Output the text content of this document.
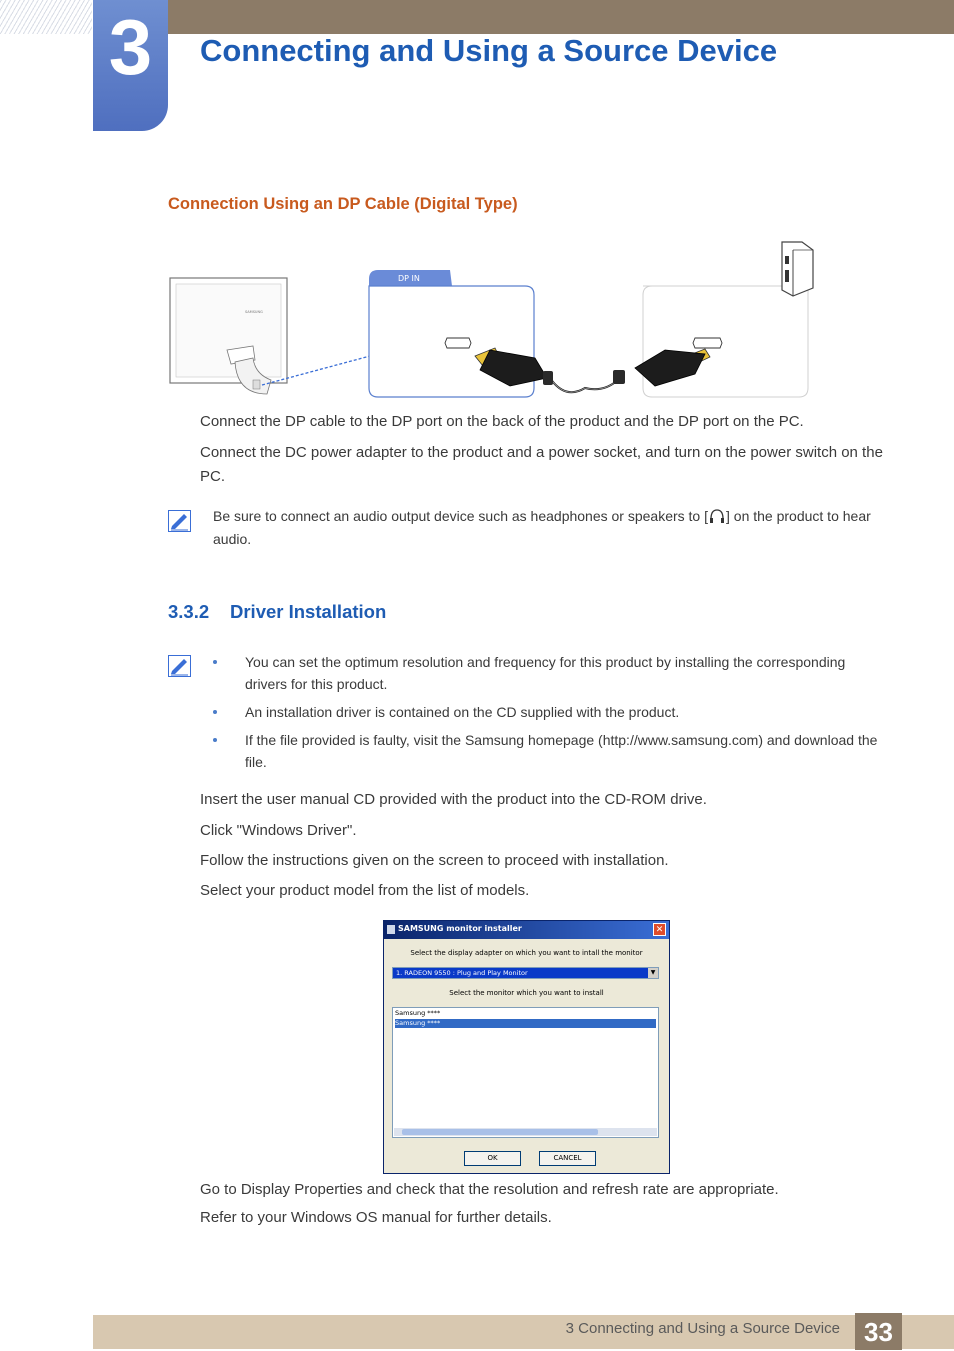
3	Connecting and Using a Source Device
Connection Using an DP Cable (Digital Type)
SAMSUNG
DP IN
Connect the DP cable to the DP port on the back of the product and the DP port on the PC.
Connect the DC power adapter to the product and a power socket, and turn on the power switch on the PC.
Be sure to connect an audio output device such as headphones or speakers to [ ] on the product to hear audio.
3.3.2 Driver Installation
You can set the optimum resolution and frequency for this product by installing the corresponding drivers for this product.
An installation driver is contained on the CD supplied with the product.
If the file provided is faulty, visit the Samsung homepage (http://www.samsung.com) and download the file.
Insert the user manual CD provided with the product into the CD-ROM drive.
Click "Windows Driver".
Follow the instructions given on the screen to proceed with installation.
Select your product model from the list of models.
SAMSUNG monitor installer	✕
Select the display adapter on which you want to intall the monitor
1. RADEON 9550 : Plug and Play Monitor	▼
Select the monitor which you want to install
Samsung ****
Samsung ****
OK	CANCEL
Go to Display Properties and check that the resolution and refresh rate are appropriate.
Refer to your Windows OS manual for further details.
3 Connecting and Using a Source Device 33
